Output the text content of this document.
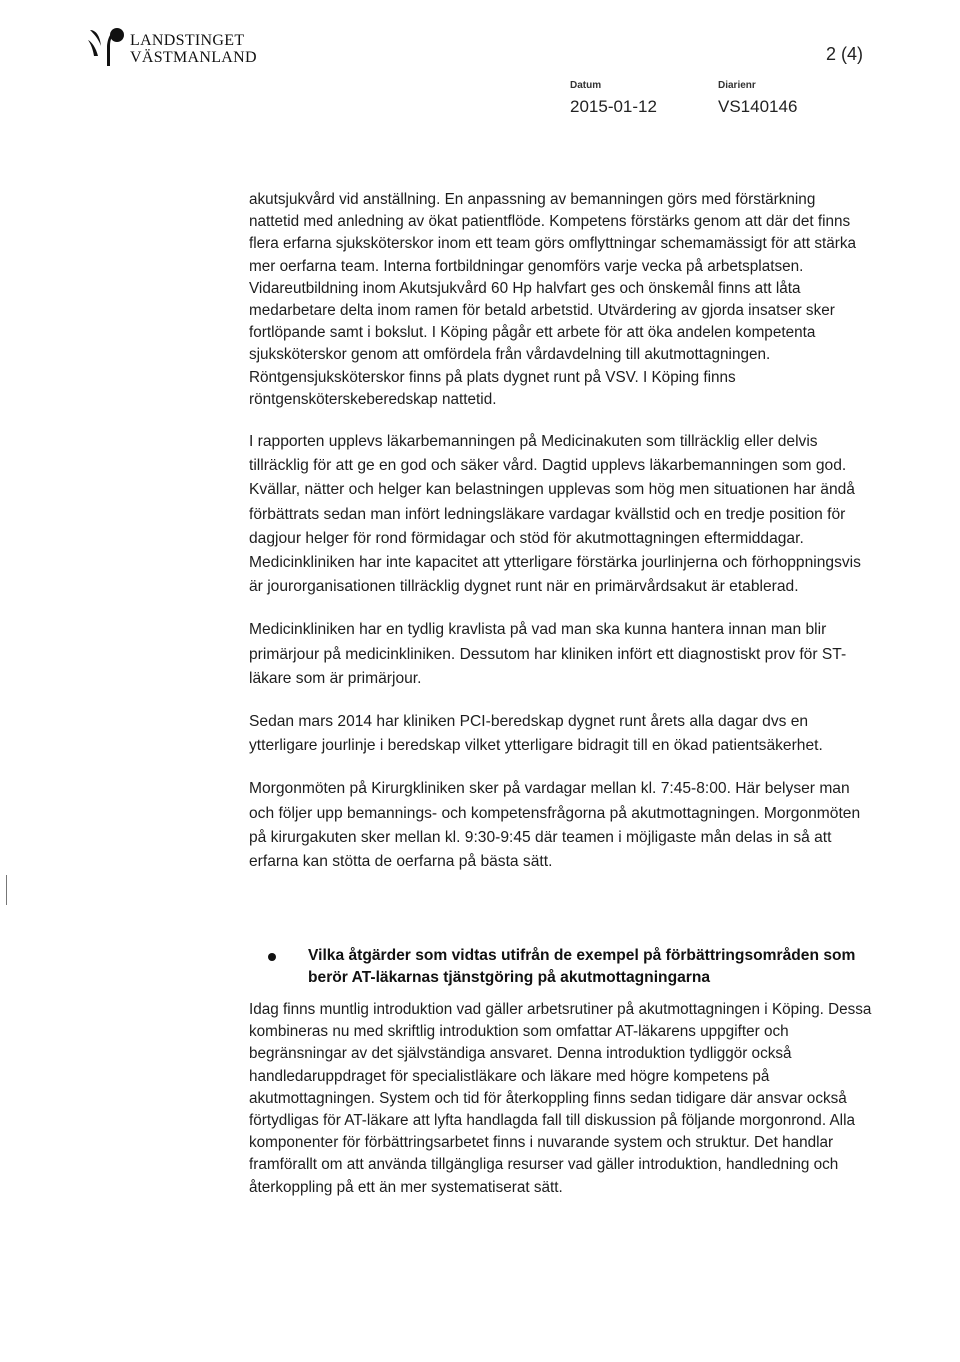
LANDSTINGET
VÄSTMANLAND	2 (4)
Datum
2015-01-12
Diarienr
VS140146

akutsjukvård vid anställning. En anpassning av bemanningen görs med förstärkning nattetid med anledning av ökat patientflöde. Kompetens förstärks genom att där det finns flera erfarna sjuksköterskor inom ett team görs omflyttningar schemamässigt för att stärka mer oerfarna team. Interna fortbildningar genomförs varje vecka på arbetsplatsen. Vidareutbildning inom Akutsjukvård 60 Hp halvfart ges och önskemål finns att låta medarbetare delta inom ramen för betald arbetstid. Utvärdering av gjorda insatser sker fortlöpande samt i bokslut. I Köping pågår ett arbete för att öka andelen kompetenta sjuksköterskor genom att omfördela från vårdavdelning till akutmottagningen. Röntgensjuksköterskor finns på plats dygnet runt på VSV. I Köping finns röntgensköterskeberedskap nattetid.

I rapporten upplevs läkarbemanningen på Medicinakuten som tillräcklig eller delvis tillräcklig för att ge en god och säker vård. Dagtid upplevs läkarbemanningen som god. Kvällar, nätter och helger kan belastningen upplevas som hög men situationen har ändå förbättrats sedan man infört ledningsläkare vardagar kvällstid och en tredje position för dagjour helger för rond förmidagar och stöd för akutmottagningen eftermiddagar. Medicinkliniken har inte kapacitet att ytterligare förstärka jourlinjerna och förhoppningsvis är jourorganisationen tillräcklig dygnet runt när en primärvårdsakut är etablerad.

Medicinkliniken har en tydlig kravlista på vad man ska kunna hantera innan man blir primärjour på medicinkliniken. Dessutom har kliniken infört ett diagnostiskt prov för ST-läkare som är primärjour.

Sedan mars 2014 har kliniken PCI-beredskap dygnet runt årets alla dagar dvs en ytterligare jourlinje i beredskap vilket ytterligare bidragit till en ökad patientsäkerhet.

Morgonmöten på Kirurgkliniken sker på vardagar mellan kl. 7:45-8:00. Här belyser man och följer upp bemannings- och kompetensfrågorna på akutmottagningen. Morgonmöten på kirurgakuten sker mellan kl. 9:30-9:45 där teamen i möjligaste mån delas in så att erfarna kan stötta de oerfarna på bästa sätt.

Vilka åtgärder som vidtas utifrån de exempel på förbättringsområden som berör AT-läkarnas tjänstgöring på akutmottagningarna

Idag finns muntlig introduktion vad gäller arbetsrutiner på akutmottagningen i Köping. Dessa kombineras nu med skriftlig introduktion som omfattar AT-läkarens uppgifter och begränsningar av det självständiga ansvaret. Denna introduktion tydliggör också handledaruppdraget för specialistläkare och läkare med högre kompetens på akutmottagningen. System och tid för återkoppling finns sedan tidigare där ansvar också förtydligas för AT-läkare att lyfta handlagda fall till diskussion på följande morgonrond. Alla komponenter för förbättringsarbetet finns i nuvarande system och struktur. Det handlar framförallt om att använda tillgängliga resurser vad gäller introduktion, handledning och återkoppling på ett än mer systematiserat sätt.
